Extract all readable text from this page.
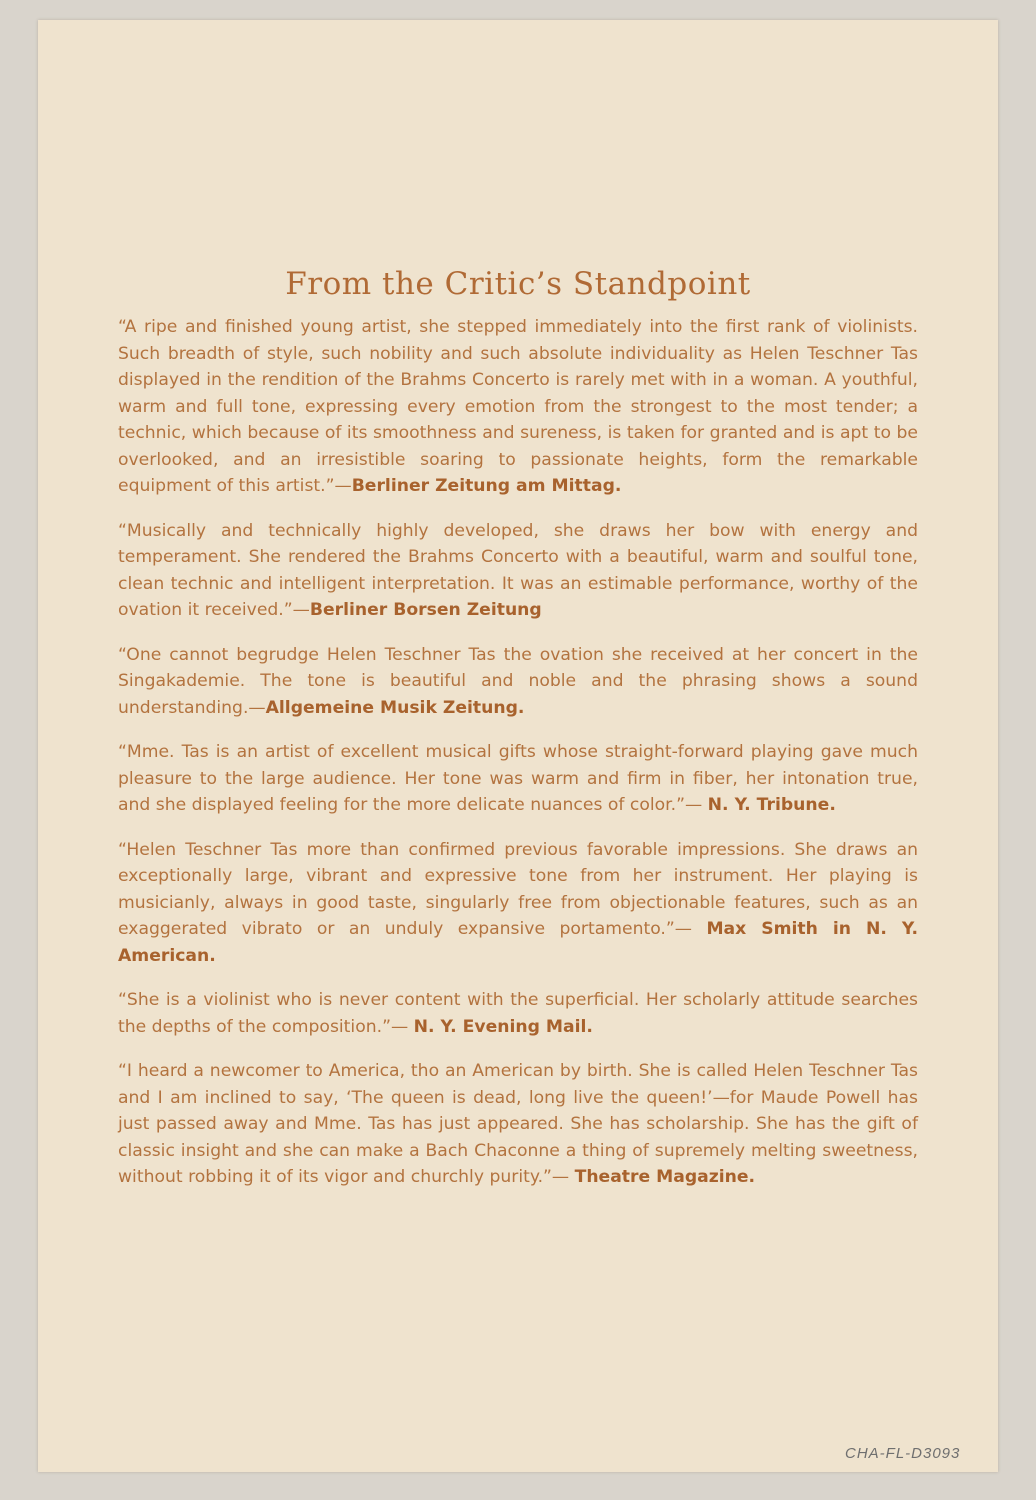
From the Critic’s Standpoint

“A ripe and finished young artist, she stepped immediately into the first rank of violinists. Such breadth of style, such nobility and such absolute individuality as Helen Teschner Tas displayed in the rendition of the Brahms Concerto is rarely met with in a woman. A youthful, warm and full tone, expressing every emotion from the strongest to the most tender; a technic, which because of its smoothness and sureness, is taken for granted and is apt to be overlooked, and an irresistible soaring to passionate heights, form the remarkable equipment of this artist.”—Berliner Zeitung am Mittag.

“Musically and technically highly developed, she draws her bow with energy and temperament. She rendered the Brahms Concerto with a beautiful, warm and soulful tone, clean technic and intelligent interpretation. It was an estimable performance, worthy of the ovation it received.”—Berliner Borsen Zeitung

“One cannot begrudge Helen Teschner Tas the ovation she received at her concert in the Singakademie. The tone is beautiful and noble and the phrasing shows a sound understanding.—Allgemeine Musik Zeitung.

“Mme. Tas is an artist of excellent musical gifts whose straight-forward playing gave much pleasure to the large audience. Her tone was warm and firm in fiber, her intonation true, and she displayed feeling for the more delicate nuances of color.”— N. Y. Tribune.

“Helen Teschner Tas more than confirmed previous favorable impressions. She draws an exceptionally large, vibrant and expressive tone from her instrument. Her playing is musicianly, always in good taste, singularly free from objectionable features, such as an exaggerated vibrato or an unduly expansive portamento.”— Max Smith in N. Y. American.

“She is a violinist who is never content with the superficial. Her scholarly attitude searches the depths of the composition.”— N. Y. Evening Mail.

“I heard a newcomer to America, tho an American by birth. She is called Helen Teschner Tas and I am inclined to say, ‘The queen is dead, long live the queen!’—for Maude Powell has just passed away and Mme. Tas has just appeared. She has scholarship. She has the gift of classic insight and she can make a Bach Chaconne a thing of supremely melting sweetness, without robbing it of its vigor and churchly purity.”— Theatre Magazine.

CHA-FL-D3093
